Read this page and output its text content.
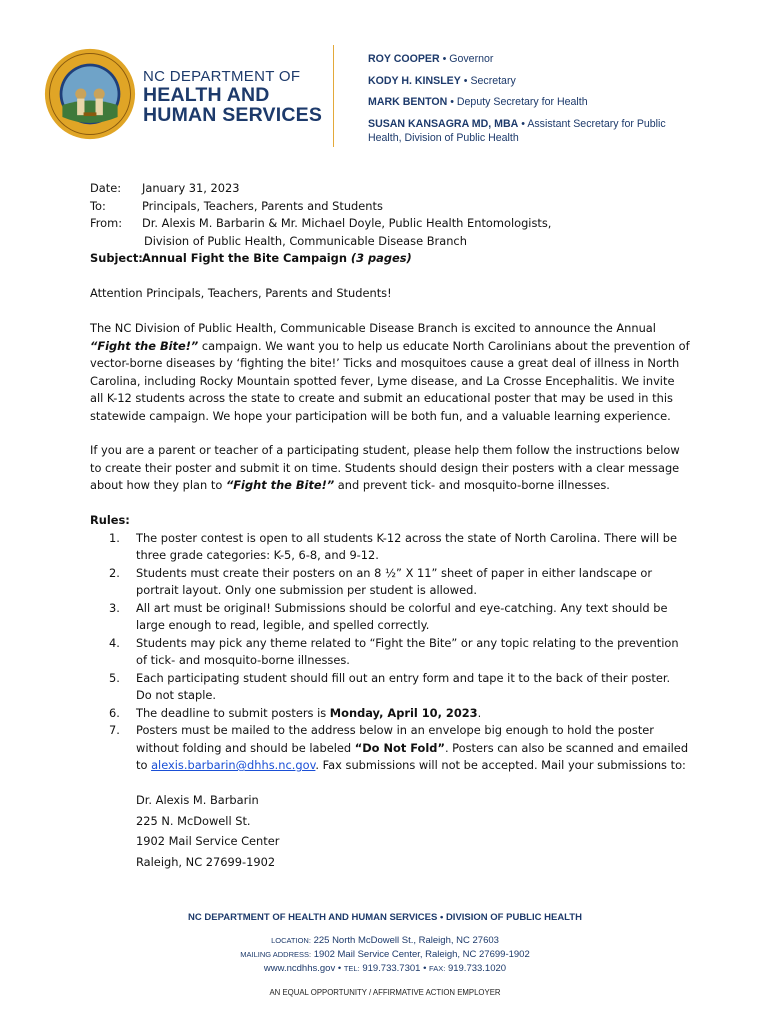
NC DEPARTMENT OF
HEALTH AND
HUMAN SERVICES
ROY COOPER • Governor
KODY H. KINSLEY • Secretary
MARK BENTON • Deputy Secretary for Health
SUSAN KANSAGRA MD, MBA • Assistant Secretary for Public Health, Division of Public Health
Date:	January 31, 2023
To:	Principals, Teachers, Parents and Students
From:	Dr. Alexis M. Barbarin & Mr. Michael Doyle, Public Health Entomologists,
Division of Public Health, Communicable Disease Branch
Subject: Annual Fight the Bite Campaign (3 pages)
Attention Principals, Teachers, Parents and Students!
The NC Division of Public Health, Communicable Disease Branch is excited to announce the Annual
“Fight the Bite!” campaign. We want you to help us educate North Carolinians about the prevention of
vector-borne diseases by ‘fighting the bite!’ Ticks and mosquitoes cause a great deal of illness in North
Carolina, including Rocky Mountain spotted fever, Lyme disease, and La Crosse Encephalitis. We invite
all K-12 students across the state to create and submit an educational poster that may be used in this
statewide campaign. We hope your participation will be both fun, and a valuable learning experience.
If you are a parent or teacher of a participating student, please help them follow the instructions below
to create their poster and submit it on time. Students should design their posters with a clear message
about how they plan to “Fight the Bite!” and prevent tick- and mosquito-borne illnesses.
Rules:
1. The poster contest is open to all students K-12 across the state of North Carolina. There will be
three grade categories: K-5, 6-8, and 9-12.
2. Students must create their posters on an 8 ½” X 11” sheet of paper in either landscape or
portrait layout. Only one submission per student is allowed.
3. All art must be original! Submissions should be colorful and eye-catching. Any text should be
large enough to read, legible, and spelled correctly.
4. Students may pick any theme related to “Fight the Bite” or any topic relating to the prevention
of tick- and mosquito-borne illnesses.
5. Each participating student should fill out an entry form and tape it to the back of their poster.
Do not staple.
6. The deadline to submit posters is Monday, April 10, 2023.
7. Posters must be mailed to the address below in an envelope big enough to hold the poster
without folding and should be labeled “Do Not Fold”. Posters can also be scanned and emailed
to alexis.barbarin@dhhs.nc.gov. Fax submissions will not be accepted. Mail your submissions to:
Dr. Alexis M. Barbarin
225 N. McDowell St.
1902 Mail Service Center
Raleigh, NC 27699-1902
NC DEPARTMENT OF HEALTH AND HUMAN SERVICES • DIVISION OF PUBLIC HEALTH
LOCATION: 225 North McDowell St., Raleigh, NC 27603
MAILING ADDRESS: 1902 Mail Service Center, Raleigh, NC 27699-1902
www.ncdhhs.gov • TEL: 919.733.7301 • FAX: 919.733.1020
AN EQUAL OPPORTUNITY / AFFIRMATIVE ACTION EMPLOYER
